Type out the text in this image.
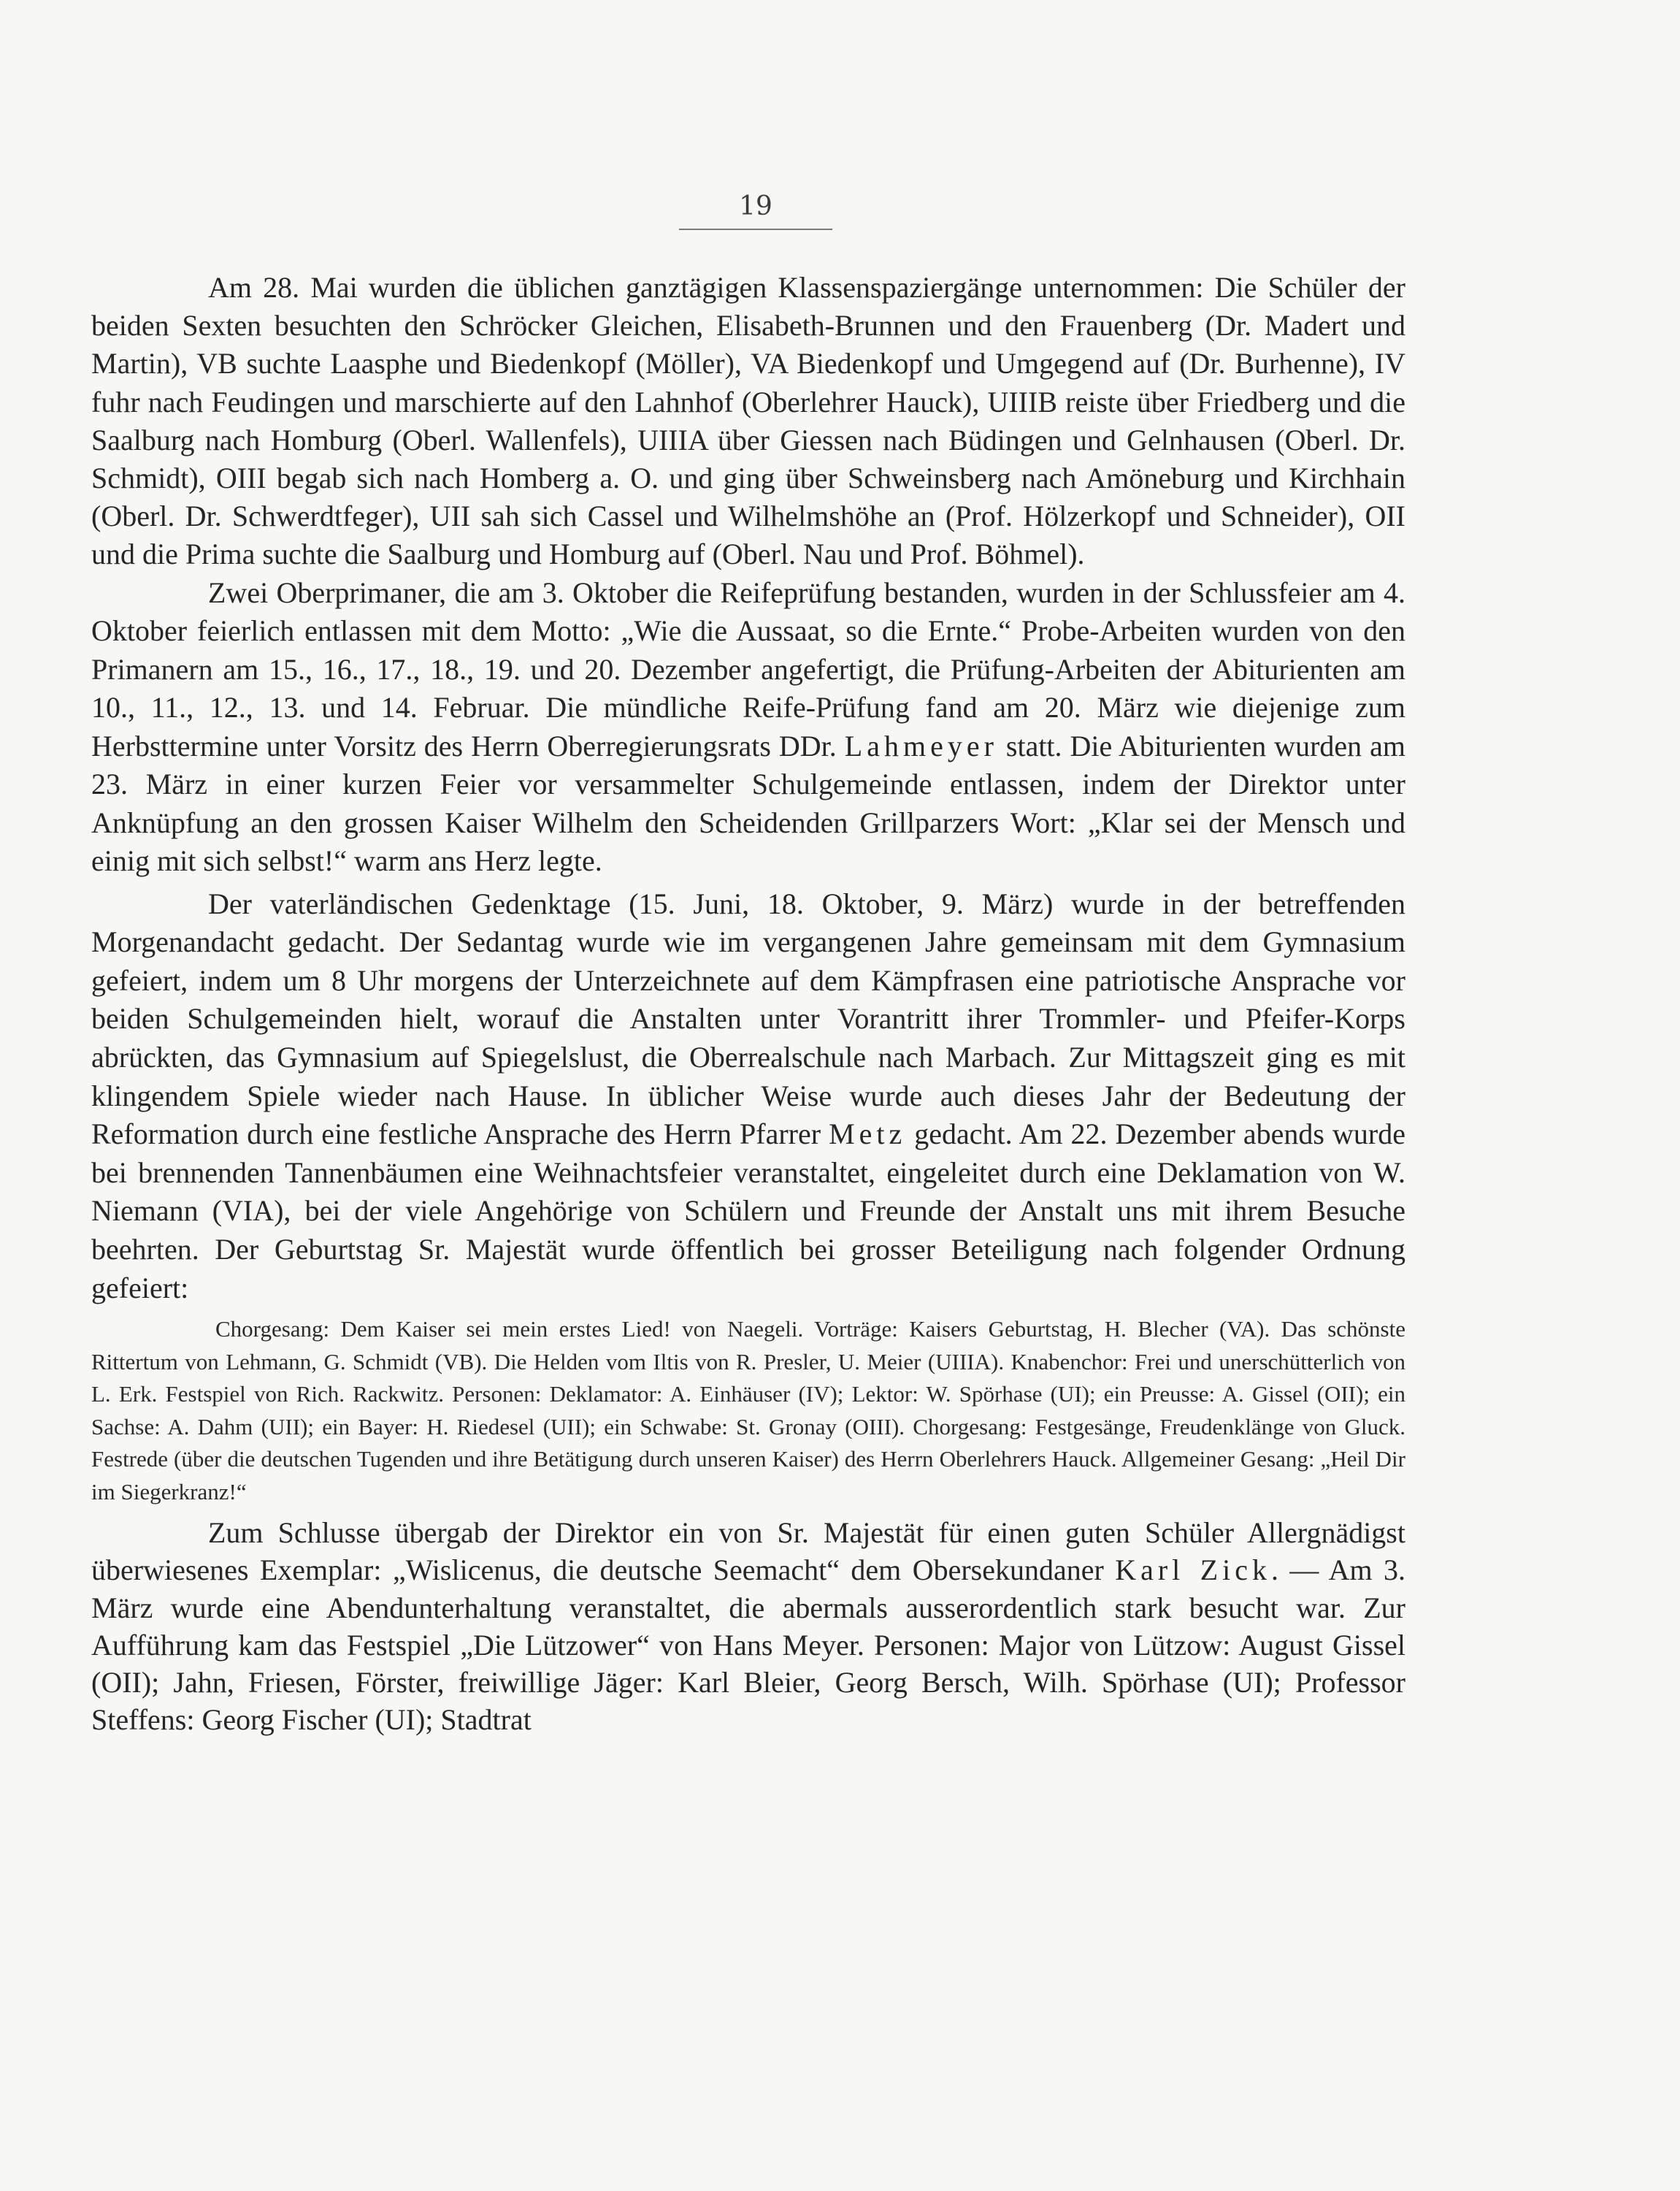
19

Am 28. Mai wurden die üblichen ganztägigen Klassenspaziergänge unternommen: Die Schüler der beiden Sexten besuchten den Schröcker Gleichen, Elisabeth-Brunnen und den Frauenberg (Dr. Madert und Martin), VB suchte Laasphe und Biedenkopf (Möller), VA Biedenkopf und Umgegend auf (Dr. Burhenne), IV fuhr nach Feudingen und marschierte auf den Lahnhof (Oberlehrer Hauck), UIIIB reiste über Friedberg und die Saalburg nach Homburg (Oberl. Wallenfels), UIIIA über Giessen nach Büdingen und Gelnhausen (Oberl. Dr. Schmidt), OIII begab sich nach Homberg a. O. und ging über Schweinsberg nach Amöneburg und Kirchhain (Oberl. Dr. Schwerdtfeger), UII sah sich Cassel und Wilhelmshöhe an (Prof. Hölzerkopf und Schneider), OII und die Prima suchte die Saalburg und Homburg auf (Oberl. Nau und Prof. Böhmel).

Zwei Oberprimaner, die am 3. Oktober die Reifeprüfung bestanden, wurden in der Schlussfeier am 4. Oktober feierlich entlassen mit dem Motto: „Wie die Aussaat, so die Ernte.“ Probe-Arbeiten wurden von den Primanern am 15., 16., 17., 18., 19. und 20. Dezember angefertigt, die Prüfung-Arbeiten der Abiturienten am 10., 11., 12., 13. und 14. Februar. Die mündliche Reife-Prüfung fand am 20. März wie diejenige zum Herbsttermine unter Vorsitz des Herrn Oberregierungsrats DDr. Lahmeyer statt. Die Abiturienten wurden am 23. März in einer kurzen Feier vor versammelter Schulgemeinde entlassen, indem der Direktor unter Anknüpfung an den grossen Kaiser Wilhelm den Scheidenden Grillparzers Wort: „Klar sei der Mensch und einig mit sich selbst!“ warm ans Herz legte.

Der vaterländischen Gedenktage (15. Juni, 18. Oktober, 9. März) wurde in der betreffenden Morgenandacht gedacht. Der Sedantag wurde wie im vergangenen Jahre gemeinsam mit dem Gymnasium gefeiert, indem um 8 Uhr morgens der Unterzeichnete auf dem Kämpfrasen eine patriotische Ansprache vor beiden Schulgemeinden hielt, worauf die Anstalten unter Vorantritt ihrer Trommler- und Pfeifer-Korps abrückten, das Gymnasium auf Spiegelslust, die Oberrealschule nach Marbach. Zur Mittagszeit ging es mit klingendem Spiele wieder nach Hause. In üblicher Weise wurde auch dieses Jahr der Bedeutung der Reformation durch eine festliche Ansprache des Herrn Pfarrer Metz gedacht. Am 22. Dezember abends wurde bei brennenden Tannenbäumen eine Weihnachtsfeier veranstaltet, eingeleitet durch eine Deklamation von W. Niemann (VIA), bei der viele Angehörige von Schülern und Freunde der Anstalt uns mit ihrem Besuche beehrten. Der Geburtstag Sr. Majestät wurde öffentlich bei grosser Beteiligung nach folgender Ordnung gefeiert:

Chorgesang: Dem Kaiser sei mein erstes Lied! von Naegeli. Vorträge: Kaisers Geburtstag, H. Blecher (VA). Das schönste Rittertum von Lehmann, G. Schmidt (VB). Die Helden vom Iltis von R. Presler, U. Meier (UIIIA). Knabenchor: Frei und unerschütterlich von L. Erk. Festspiel von Rich. Rackwitz. Personen: Deklamator: A. Einhäuser (IV); Lektor: W. Spörhase (UI); ein Preusse: A. Gissel (OII); ein Sachse: A. Dahm (UII); ein Bayer: H. Riedesel (UII); ein Schwabe: St. Gronay (OIII). Chorgesang: Festgesänge, Freudenklänge von Gluck. Festrede (über die deutschen Tugenden und ihre Betätigung durch unseren Kaiser) des Herrn Oberlehrers Hauck. Allgemeiner Gesang: „Heil Dir im Siegerkranz!“

Zum Schlusse übergab der Direktor ein von Sr. Majestät für einen guten Schüler Allergnädigst überwiesenes Exemplar: „Wislicenus, die deutsche Seemacht“ dem Obersekundaner Karl Zick. — Am 3. März wurde eine Abendunterhaltung veranstaltet, die abermals ausserordentlich stark besucht war. Zur Aufführung kam das Festspiel „Die Lützower“ von Hans Meyer. Personen: Major von Lützow: August Gissel (OII); Jahn, Friesen, Förster, freiwillige Jäger: Karl Bleier, Georg Bersch, Wilh. Spörhase (UI); Professor Steffens: Georg Fischer (UI); Stadtrat
